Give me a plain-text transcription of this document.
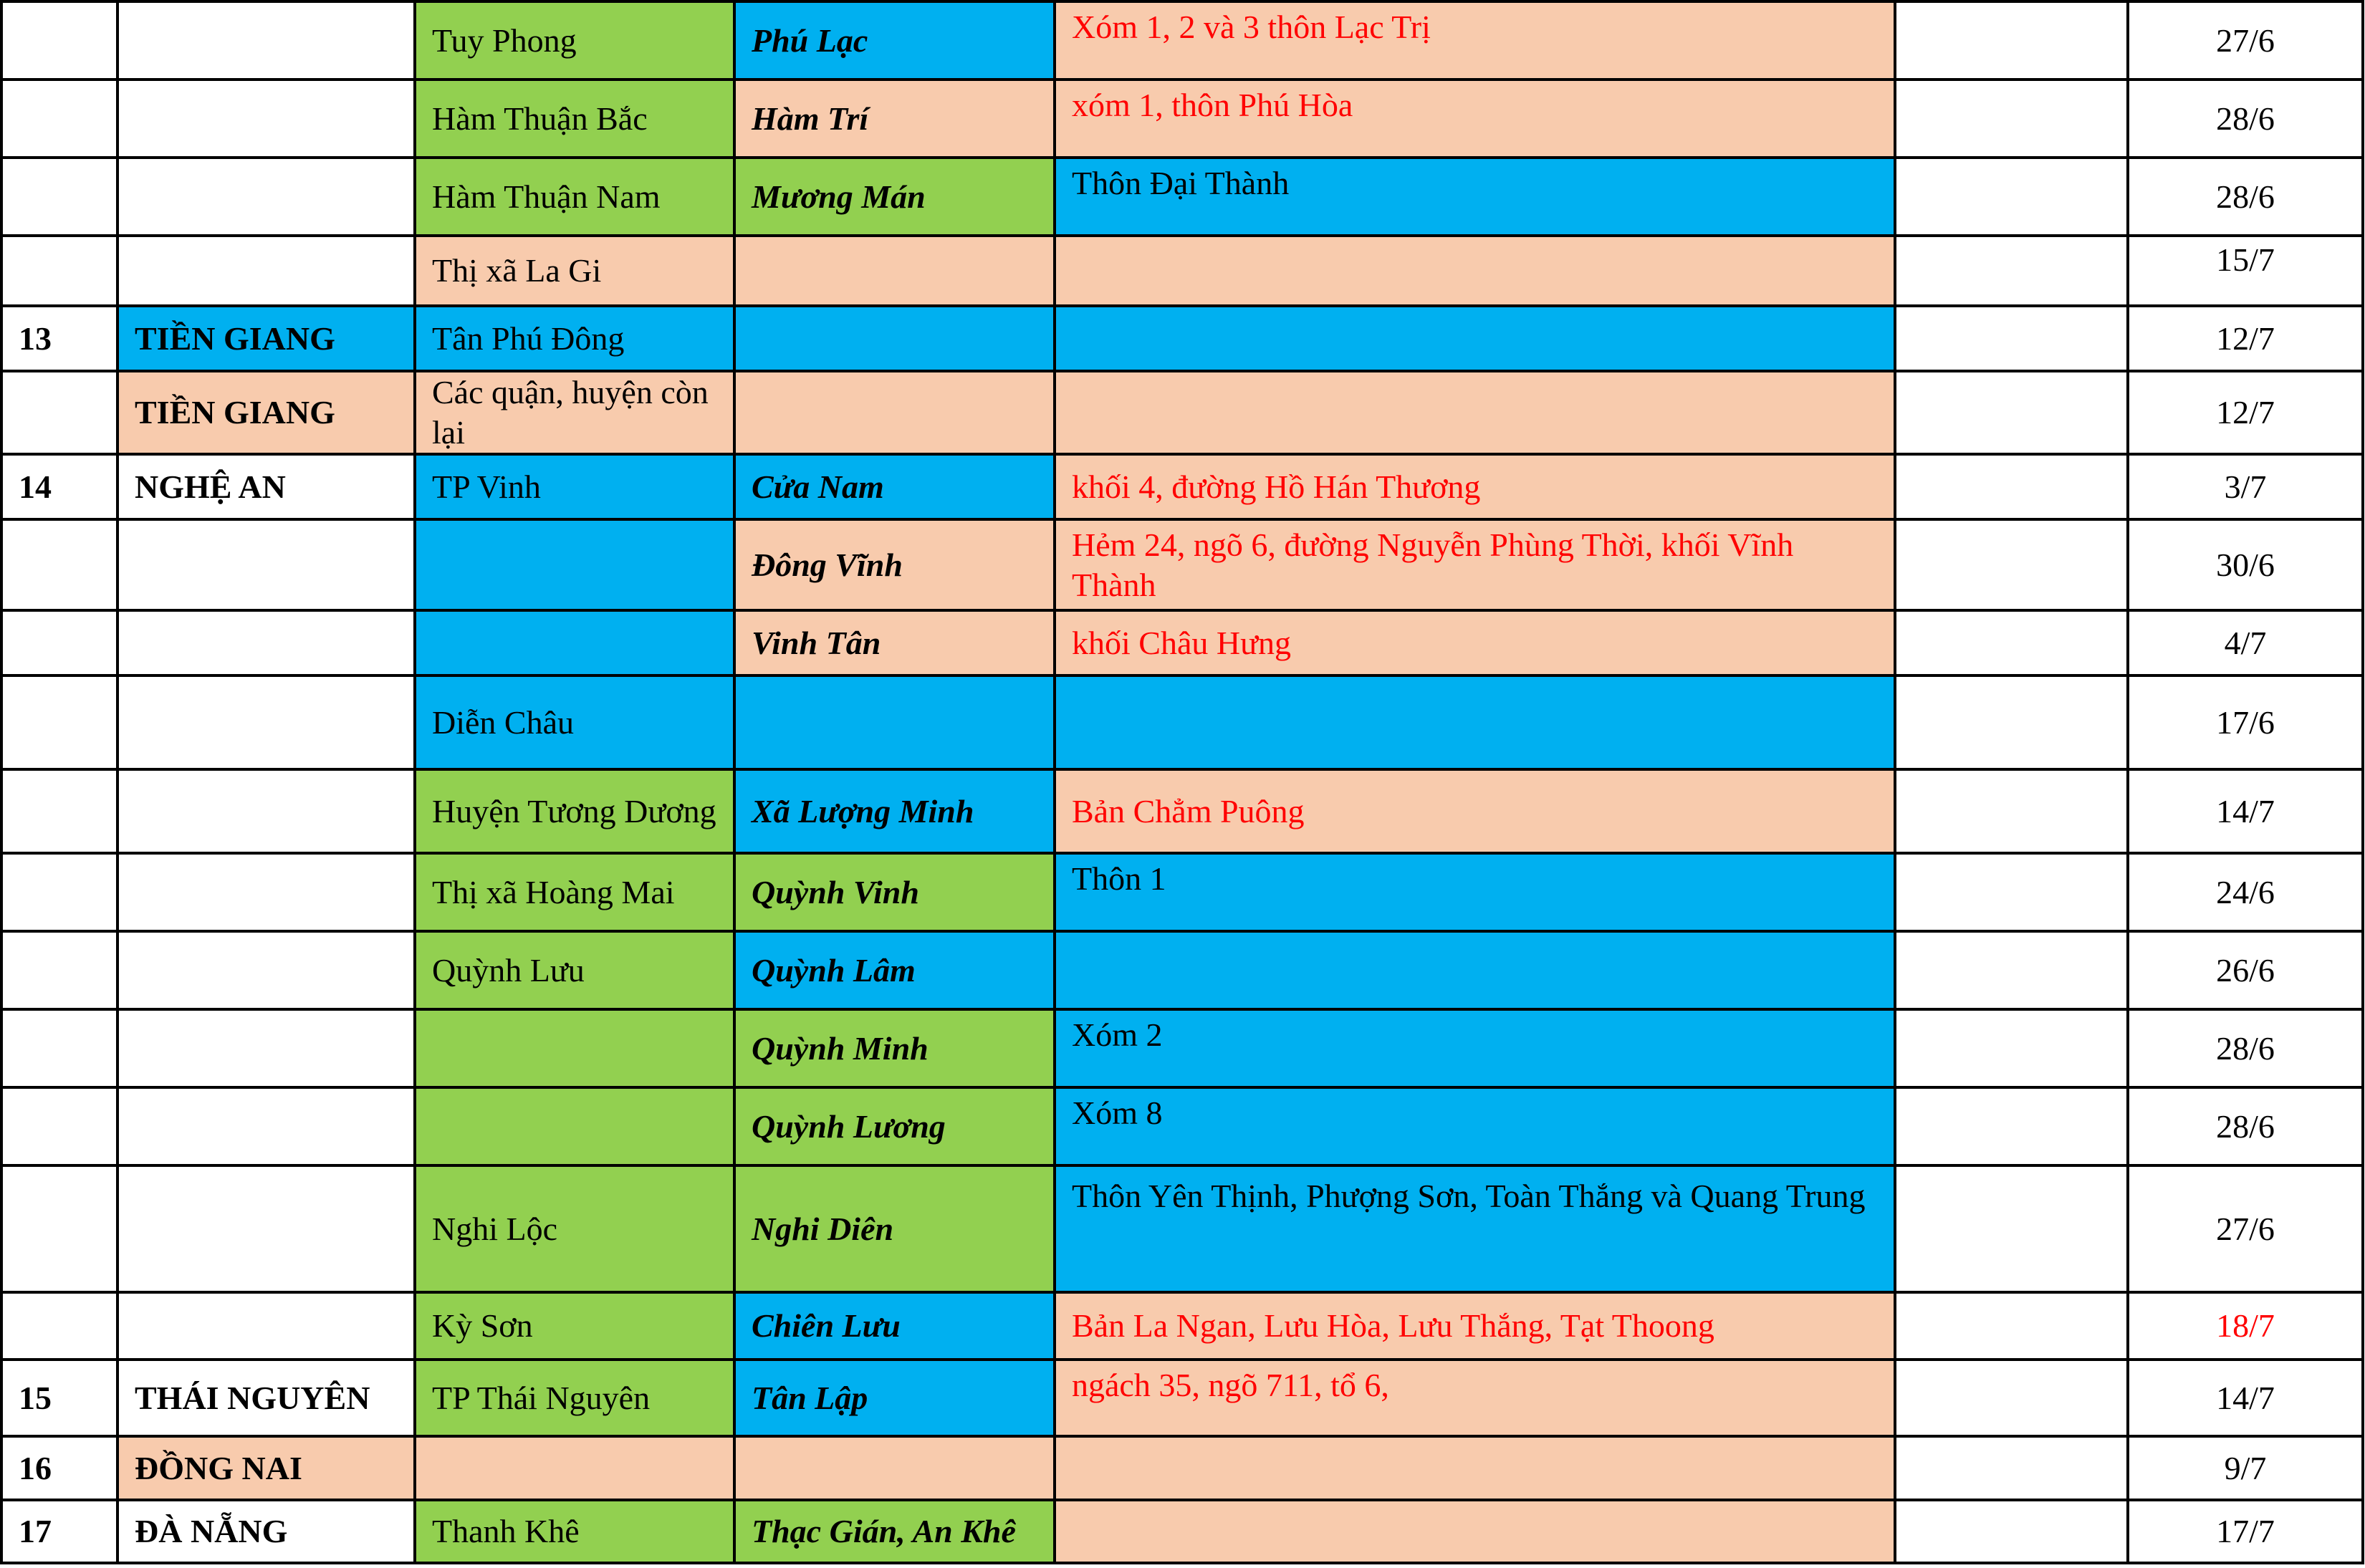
		Tuy Phong	Phú Lạc	Xóm 1, 2 và 3 thôn Lạc Trị		27/6
		Hàm Thuận Bắc	Hàm Trí	xóm 1, thôn Phú Hòa		28/6
		Hàm Thuận Nam	Mương Mán	Thôn Đại Thành		28/6
		Thị xã La Gi				15/7
13	TIỀN GIANG	Tân Phú Đông				12/7
	TIỀN GIANG	Các quận, huyện còn lại				12/7
14	NGHỆ AN	TP Vinh	Cửa Nam	khối 4, đường Hồ Hán Thương		3/7
			Đông Vĩnh	Hẻm 24, ngõ 6, đường Nguyễn Phùng Thời, khối Vĩnh Thành		30/6
			Vinh Tân	khối Châu Hưng		4/7
		Diễn Châu				17/6
		Huyện Tương Dương	Xã Lượng Minh	Bản Chẳm Puông		14/7
		Thị xã Hoàng Mai	Quỳnh Vinh	Thôn 1		24/6
		Quỳnh Lưu	Quỳnh Lâm			26/6
			Quỳnh Minh	Xóm 2		28/6
			Quỳnh Lương	Xóm 8		28/6
		Nghi Lộc	Nghi Diên	Thôn Yên Thịnh, Phượng Sơn, Toàn Thắng và Quang Trung		27/6
		Kỳ Sơn	Chiên Lưu	Bản La Ngan, Lưu Hòa, Lưu Thắng, Tạt Thoong		18/7
15	THÁI NGUYÊN	TP Thái Nguyên	Tân Lập	ngách 35, ngõ 711, tổ 6,		14/7
16	ĐỒNG NAI					9/7
17	ĐÀ NẴNG	Thanh Khê	Thạc Gián, An Khê			17/7
